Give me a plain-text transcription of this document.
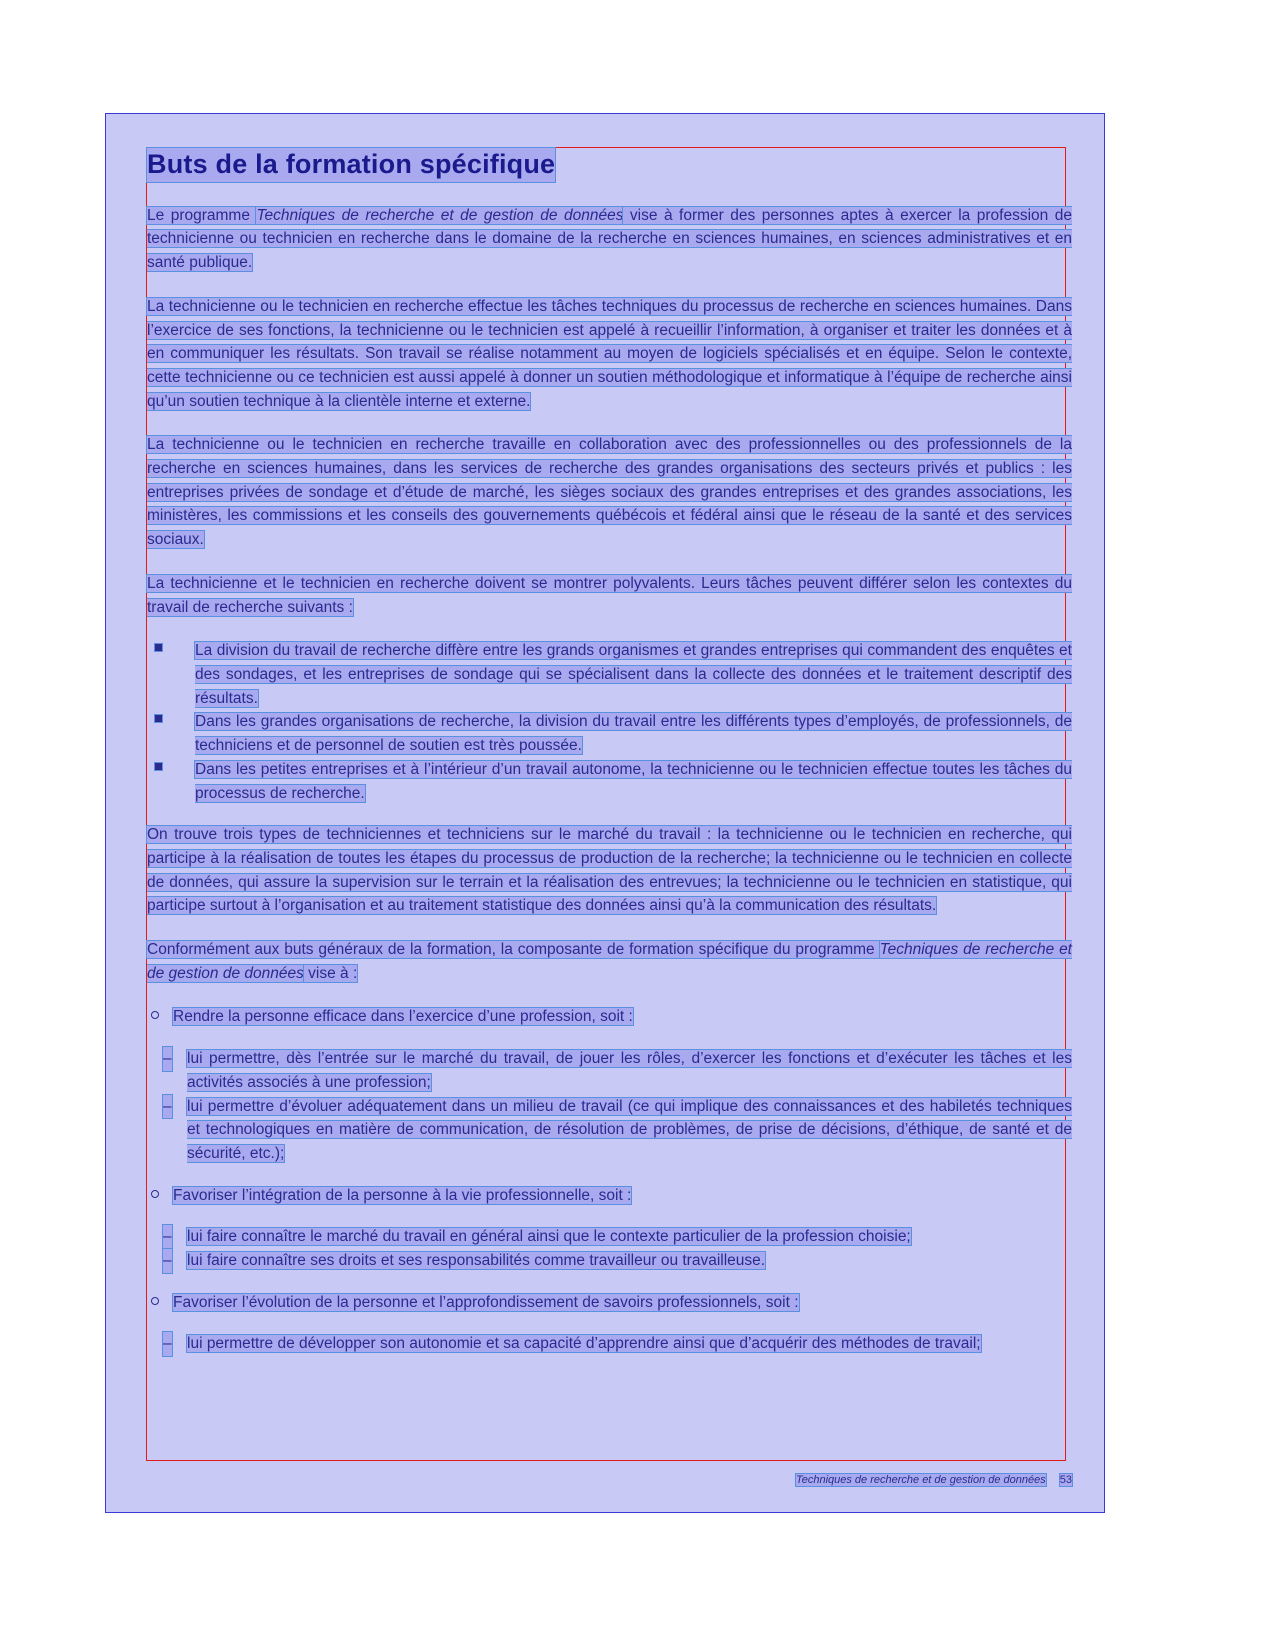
Buts de la formation spécifique

Le programme Techniques de recherche et de gestion de données vise à former des personnes aptes à exercer la profession de technicienne ou technicien en recherche dans le domaine de la recherche en sciences humaines, en sciences administratives et en santé publique.

La technicienne ou le technicien en recherche effectue les tâches techniques du processus de recherche en sciences humaines. Dans l’exercice de ses fonctions, la technicienne ou le technicien est appelé à recueillir l’information, à organiser et traiter les données et à en communiquer les résultats. Son travail se réalise notamment au moyen de logiciels spécialisés et en équipe. Selon le contexte, cette technicienne ou ce technicien est aussi appelé à donner un soutien méthodologique et informatique à l’équipe de recherche ainsi qu’un soutien technique à la clientèle interne et externe.

La technicienne ou le technicien en recherche travaille en collaboration avec des professionnelles ou des professionnels de la recherche en sciences humaines, dans les services de recherche des grandes organisations des secteurs privés et publics : les entreprises privées de sondage et d’étude de marché, les sièges sociaux des grandes entreprises et des grandes associations, les ministères, les commissions et les conseils des gouvernements québécois et fédéral ainsi que le réseau de la santé et des services sociaux.

La technicienne et le technicien en recherche doivent se montrer polyvalents. Leurs tâches peuvent différer selon les contextes du travail de recherche suivants :

La division du travail de recherche diffère entre les grands organismes et grandes entreprises qui commandent des enquêtes et des sondages, et les entreprises de sondage qui se spécialisent dans la collecte des données et le traitement descriptif des résultats.
Dans les grandes organisations de recherche, la division du travail entre les différents types d’employés, de professionnels, de techniciens et de personnel de soutien est très poussée.
Dans les petites entreprises et à l’intérieur d’un travail autonome, la technicienne ou le technicien effectue toutes les tâches du processus de recherche.

On trouve trois types de techniciennes et techniciens sur le marché du travail : la technicienne ou le technicien en recherche, qui participe à la réalisation de toutes les étapes du processus de production de la recherche; la technicienne ou le technicien en collecte de données, qui assure la supervision sur le terrain et la réalisation des entrevues; la technicienne ou le technicien en statistique, qui participe surtout à l’organisation et au traitement statistique des données ainsi qu’à la communication des résultats.

Conformément aux buts généraux de la formation, la composante de formation spécifique du programme Techniques de recherche et de gestion de données vise à :

Rendre la personne efficace dans l’exercice d’une profession, soit :
– lui permettre, dès l’entrée sur le marché du travail, de jouer les rôles, d’exercer les fonctions et d’exécuter les tâches et les activités associés à une profession;
– lui permettre d’évoluer adéquatement dans un milieu de travail (ce qui implique des connaissances et des habiletés techniques et technologiques en matière de communication, de résolution de problèmes, de prise de décisions, d’éthique, de santé et de sécurité, etc.);
Favoriser l’intégration de la personne à la vie professionnelle, soit :
– lui faire connaître le marché du travail en général ainsi que le contexte particulier de la profession choisie;
– lui faire connaître ses droits et ses responsabilités comme travailleur ou travailleuse.
Favoriser l’évolution de la personne et l’approfondissement de savoirs professionnels, soit :
– lui permettre de développer son autonomie et sa capacité d’apprendre ainsi que d’acquérir des méthodes de travail;
Techniques de recherche et de gestion de données 53
